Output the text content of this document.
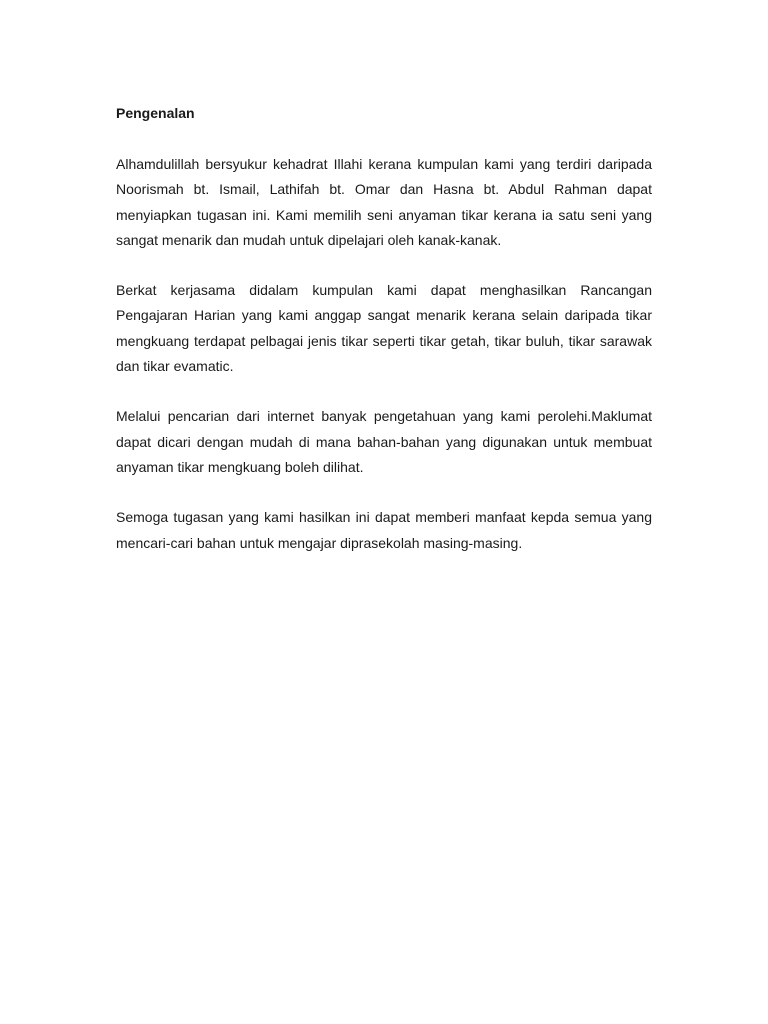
Pengenalan

Alhamdulillah bersyukur kehadrat Illahi kerana kumpulan kami yang terdiri daripada Noorismah bt. Ismail, Lathifah bt. Omar dan Hasna bt. Abdul Rahman dapat menyiapkan tugasan ini. Kami memilih seni anyaman tikar kerana ia satu seni yang sangat menarik dan mudah untuk dipelajari oleh kanak-kanak.

Berkat kerjasama didalam kumpulan kami dapat menghasilkan Rancangan Pengajaran Harian yang kami anggap sangat menarik kerana selain daripada tikar mengkuang terdapat pelbagai jenis tikar seperti tikar getah, tikar buluh, tikar sarawak dan tikar evamatic.

Melalui pencarian dari internet banyak pengetahuan yang kami perolehi.Maklumat dapat dicari dengan mudah di mana bahan-bahan yang digunakan untuk membuat anyaman tikar mengkuang boleh dilihat.

Semoga tugasan yang kami hasilkan ini dapat memberi manfaat kepda semua yang mencari-cari bahan untuk mengajar diprasekolah masing-masing.
